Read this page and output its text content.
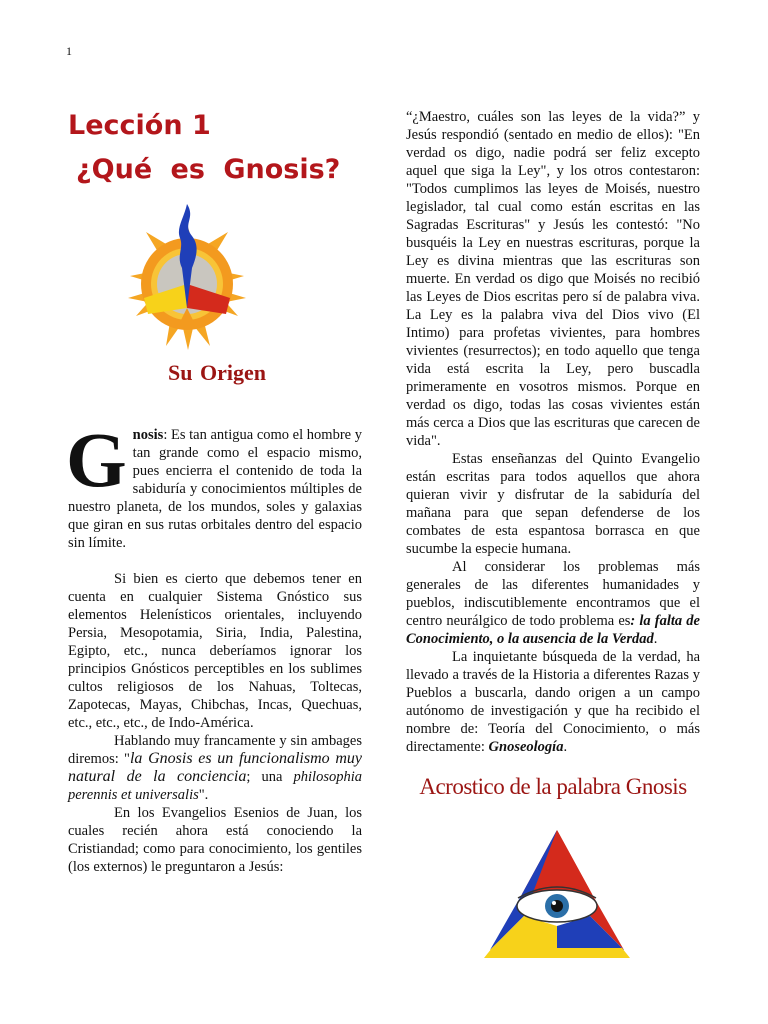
1
Lección 1
¿Qué es Gnosis?
Su Origen

Gnosis: Es tan antigua como el hombre y tan grande como el espacio mismo, pues encierra el contenido de toda la sabiduría y conocimientos múltiples de nuestro planeta, de los mundos, soles y galaxias que giran en sus rutas orbitales dentro del espacio sin límite.

Si bien es cierto que debemos tener en cuenta en cualquier Sistema Gnóstico sus elementos Helenísticos orientales, incluyendo Persia, Mesopotamia, Siria, India, Palestina, Egipto, etc., nunca deberíamos ignorar los principios Gnósticos perceptibles en los sublimes cultos religiosos de los Nahuas, Toltecas, Zapotecas, Mayas, Chibchas, Incas, Quechuas, etc., etc., etc., de Indo-América.

Hablando muy francamente y sin ambages diremos: "la Gnosis es un funcionalismo muy natural de la conciencia; una philosophia perennis et universalis".

En los Evangelios Esenios de Juan, los cuales recién ahora está conociendo la Cristiandad; como para conocimiento, los gentiles (los externos) le preguntaron a Jesús:

“¿Maestro, cuáles son las leyes de la vida?” y Jesús respondió (sentado en medio de ellos): "En verdad os digo, nadie podrá ser feliz excepto aquel que siga la Ley", y los otros contestaron: "Todos cumplimos las leyes de Moisés, nuestro legislador, tal cual como están escritas en las Sagradas Escrituras" y Jesús les contestó: "No busquéis la Ley en nuestras escrituras, porque la Ley es divina mientras que las escrituras son muerte. En verdad os digo que Moisés no recibió las Leyes de Dios escritas pero sí de palabra viva. La Ley es la palabra viva del Dios vivo (El Intimo) para profetas vivientes, para hombres vivientes (resurrectos); en todo aquello que tenga vida está escrita la Ley, pero buscadla primeramente en vosotros mismos. Porque en verdad os digo, todas las cosas vivientes están más cerca a Dios que las escrituras que carecen de vida".

Estas enseñanzas del Quinto Evangelio están escritas para todos aquellos que ahora quieran vivir y disfrutar de la sabiduría del mañana para que sepan defenderse de los combates de esta espantosa borrasca en que sucumbe la especie humana.

Al considerar los problemas más generales de las diferentes humanidades y pueblos, indiscutiblemente encontramos que el centro neurálgico de todo problema es: la falta de Conocimiento, o la ausencia de la Verdad.

La inquietante búsqueda de la verdad, ha llevado a través de la Historia a diferentes Razas y Pueblos a buscarla, dando origen a un campo autónomo de investigación y que ha recibido el nombre de: Teoría del Conocimiento, o más directamente: Gnoseología.

Acrostico de la palabra Gnosis
